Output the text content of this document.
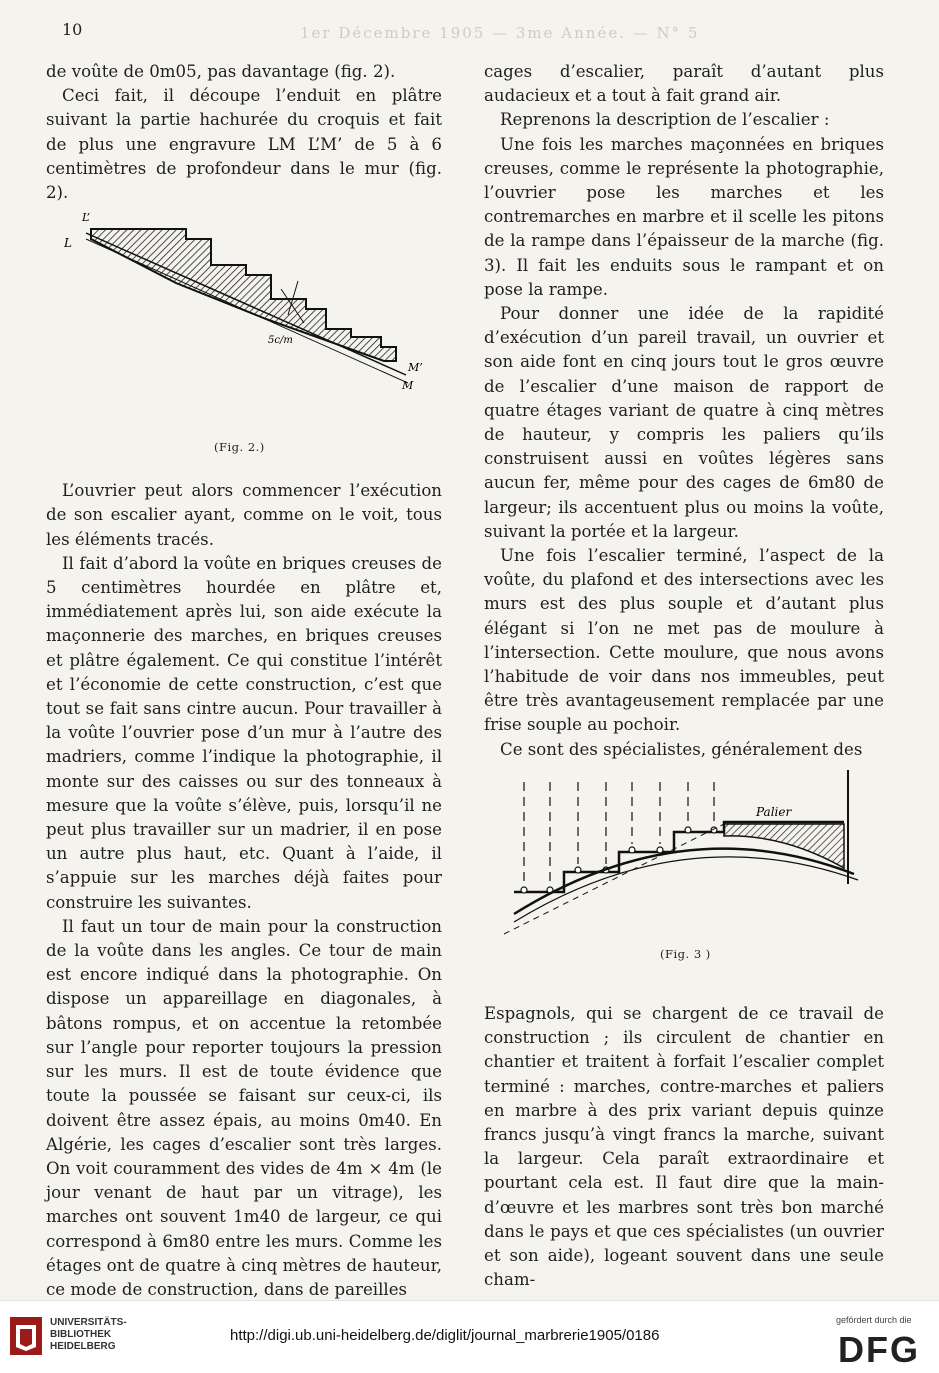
10	1er Décembre 1905 — 3me Année. — N° 5

de voûte de 0m05, pas davantage (fig. 2).

Ceci fait, il découpe l’enduit en plâtre suivant la partie hachurée du croquis et fait de plus une engravure LM L’M’ de 5 à 6 centimètres de profondeur dans le mur (fig. 2).

L’
L
5c/m
M’
M
(Fig. 2.)

L’ouvrier peut alors commencer l’exécution de son escalier ayant, comme on le voit, tous les éléments tracés.

Il fait d’abord la voûte en briques creuses de 5 centimètres hourdée en plâtre et, immédiatement après lui, son aide exécute la maçonnerie des marches, en briques creuses et plâtre également. Ce qui constitue l’intérêt et l’économie de cette construction, c’est que tout se fait sans cintre aucun. Pour travailler à la voûte l’ouvrier pose d’un mur à l’autre des madriers, comme l’indique la photographie, il monte sur des caisses ou sur des tonneaux à mesure que la voûte s’élève, puis, lorsqu’il ne peut plus travailler sur un madrier, il en pose un autre plus haut, etc. Quant à l’aide, il s’appuie sur les marches déjà faites pour construire les suivantes.

Il faut un tour de main pour la construction de la voûte dans les angles. Ce tour de main est encore indiqué dans la photographie. On dispose un appareillage en diagonales, à bâtons rompus, et on accentue la retombée sur l’angle pour reporter toujours la pression sur les murs. Il est de toute évidence que toute la poussée se faisant sur ceux-ci, ils doivent être assez épais, au moins 0m40. En Algérie, les cages d’escalier sont très larges. On voit couramment des vides de 4m × 4m (le jour venant de haut par un vitrage), les marches ont souvent 1m40 de largeur, ce qui correspond à 6m80 entre les murs. Comme les étages ont de quatre à cinq mètres de hauteur, ce mode de construction, dans de pareilles

cages d’escalier, paraît d’autant plus audacieux et a tout à fait grand air.

Reprenons la description de l’escalier :

Une fois les marches maçonnées en briques creuses, comme le représente la photographie, l’ouvrier pose les marches et les contremarches en marbre et il scelle les pitons de la rampe dans l’épaisseur de la marche (fig. 3). Il fait les enduits sous le rampant et on pose la rampe.

Pour donner une idée de la rapidité d’exécution d’un pareil travail, un ouvrier et son aide font en cinq jours tout le gros œuvre de l’escalier d’une maison de rapport de quatre étages variant de quatre à cinq mètres de hauteur, y compris les paliers qu’ils construisent aussi en voûtes légères sans aucun fer, même pour des cages de 6m80 de largeur; ils accentuent plus ou moins la voûte, suivant la portée et la largeur.

Une fois l’escalier terminé, l’aspect de la voûte, du plafond et des intersections avec les murs est des plus souple et d’autant plus élégant si l’on ne met pas de moulure à l’intersection. Cette moulure, que nous avons l’habitude de voir dans nos immeubles, peut être très avantageusement remplacée par une frise souple au pochoir.

Ce sont des spécialistes, généralement des

Palier
(Fig. 3 )

Espagnols, qui se chargent de ce travail de construction ; ils circulent de chantier en chantier et traitent à forfait l’escalier complet terminé : marches, contre-marches et paliers en marbre à des prix variant depuis quinze francs jusqu’à vingt francs la marche, suivant la largeur. Cela paraît extraordinaire et pourtant cela est. Il faut dire que la main-d’œuvre et les marbres sont très bon marché dans le pays et que ces spécialistes (un ouvrier et son aide), logeant souvent dans une seule cham-

UNIVERSITÄTS-
BIBLIOTHEK
HEIDELBERG
http://digi.ub.uni-heidelberg.de/diglit/journal_marbrerie1905/0186
gefördert durch die
DFG
